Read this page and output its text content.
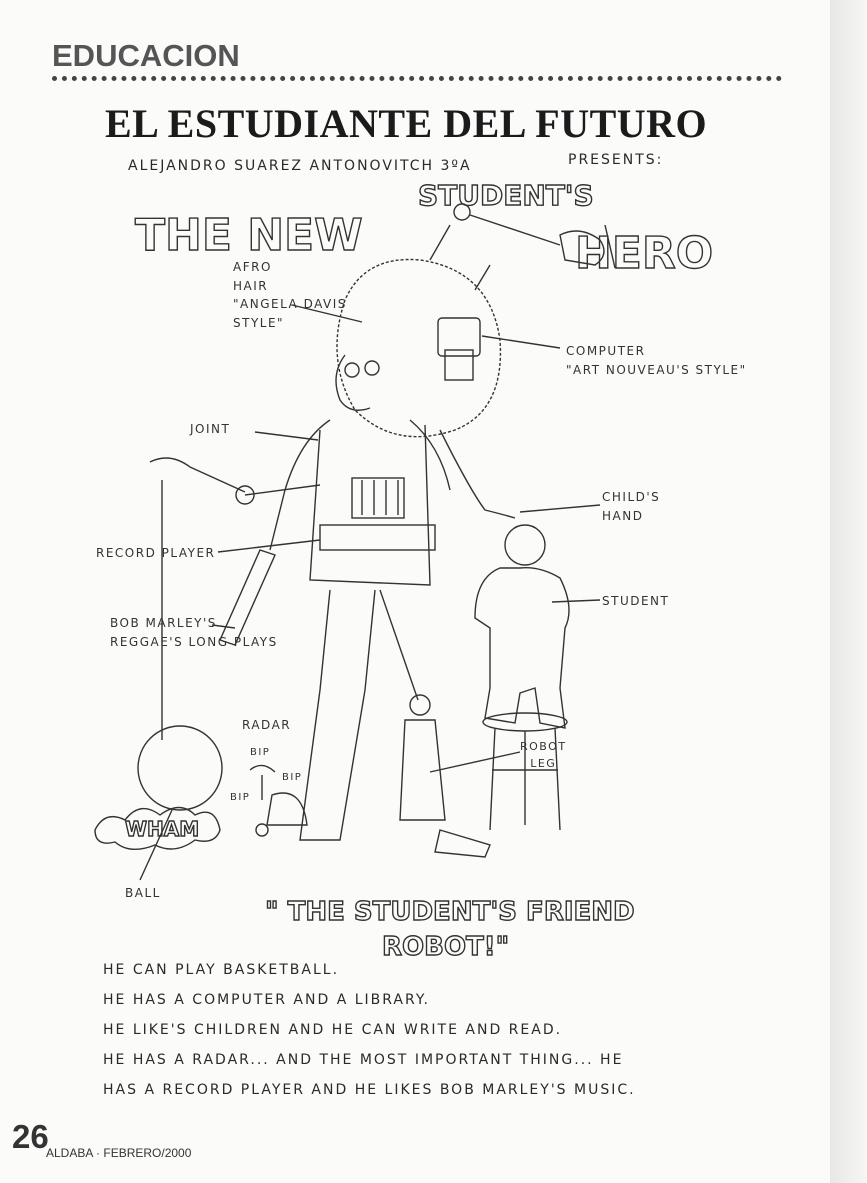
EDUCACION
EL ESTUDIANTE DEL FUTURO
ALEJANDRO SUAREZ ANTONOVITCH 3ºA	PRESENTS:
THE NEW
STUDENT'S
HERO
WHAM
" THE STUDENT'S FRIEND
ROBOT!"
AFRO
HAIR
"ANGELA DAVIS
STYLE"
COMPUTER
"ART NOUVEAU'S STYLE"
JOINT
CHILD'S
HAND
RECORD PLAYER
STUDENT
BOB MARLEY'S
REGGAE'S LONG PLAYS
RADAR
BIP
BIP
BIP
ROBOT
LEG
BALL
HE CAN PLAY BASKETBALL.
HE HAS A COMPUTER AND A LIBRARY.
HE LIKE'S CHILDREN AND HE CAN WRITE AND READ.
HE HAS A RADAR... AND THE MOST IMPORTANT THING... HE
HAS A RECORD PLAYER AND HE LIKES BOB MARLEY'S MUSIC.
26
ALDABA · FEBRERO/2000
